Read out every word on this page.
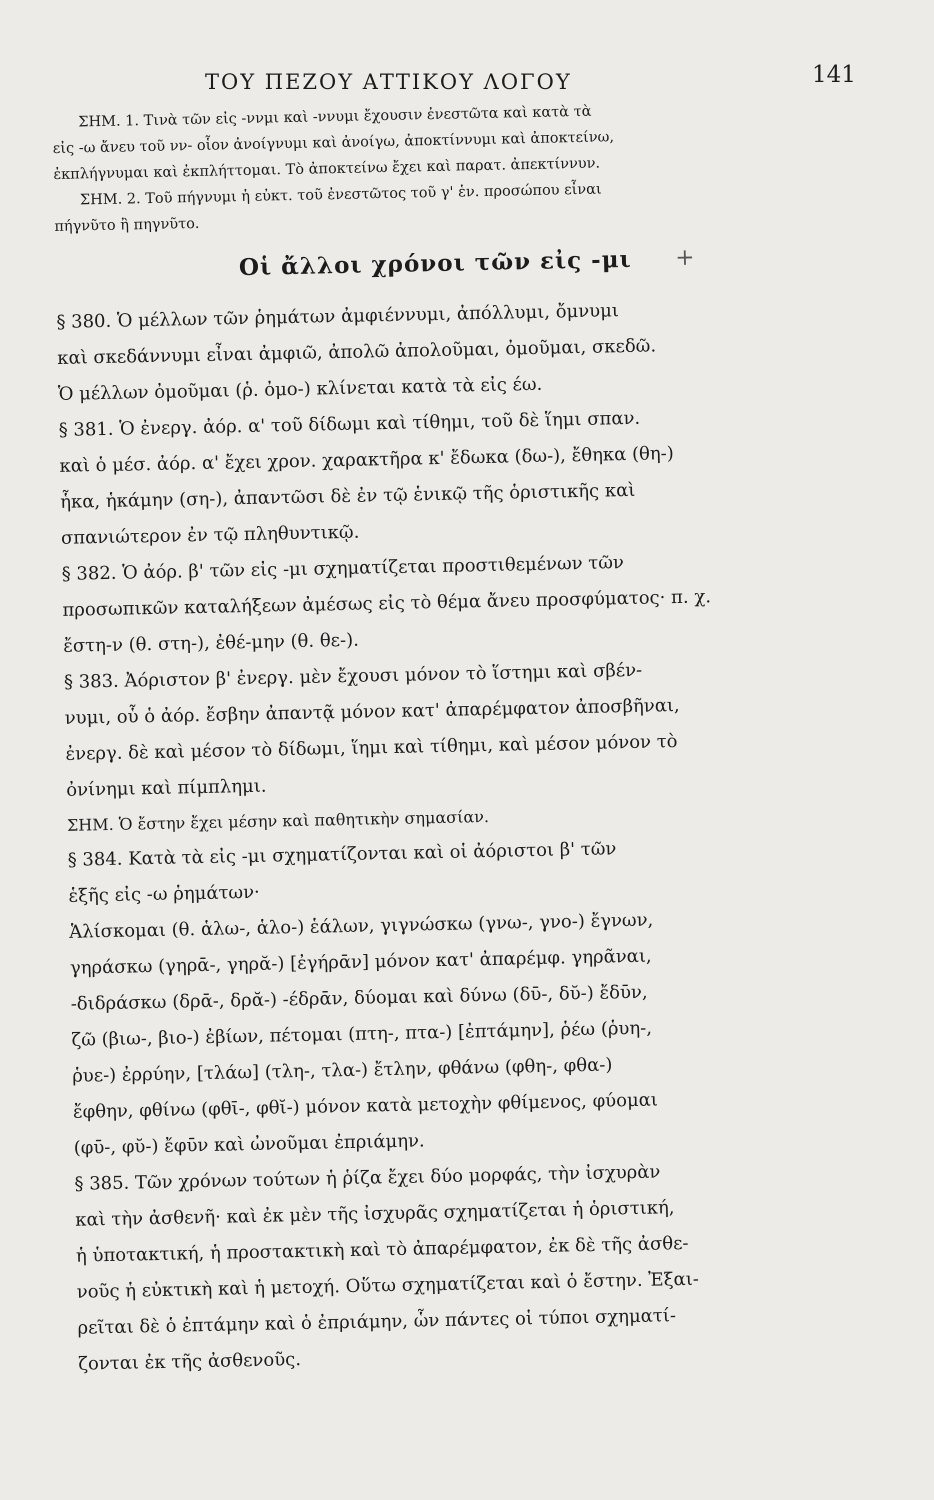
ΤΟΥ ΠΕΖΟΥ ΑΤΤΙΚΟΥ ΛΟΓΟΥ	141
ΣΗΜ. 1. Τινὰ τῶν εἰς -ννμι καὶ -ννυμι ἔχουσιν ἐνεστῶτα καὶ κατὰ τὰ
εἰς -ω ἄνευ τοῦ νν- οἷον ἀνοίγνυμι καὶ ἀνοίγω, ἀποκτίννυμι καὶ ἀποκτείνω,
ἐκπλήγνυμαι καὶ ἐκπλήττομαι. Τὸ ἀποκτείνω ἔχει καὶ παρατ. ἀπεκτίννυν.
ΣΗΜ. 2. Τοῦ πήγνυμι ἡ εὐκτ. τοῦ ἐνεστῶτος τοῦ γ' ἑν. προσώπου εἶναι
πήγνῦτο ἢ πηγνῦτο.
Οἱ ἄλλοι χρόνοι τῶν εἰς -μι +
§ 380. Ὁ μέλλων τῶν ῥημάτων ἀμφιέννυμι, ἀπόλλυμι, ὄμνυμι
καὶ σκεδάννυμι εἶναι ἀμφιῶ, ἀπολῶ ἀπολοῦμαι, ὀμοῦμαι, σκεδῶ.
Ὁ μέλλων ὀμοῦμαι (ῥ. ὀμο-) κλίνεται κατὰ τὰ εἰς έω.
§ 381. Ὁ ἐνεργ. ἀόρ. α' τοῦ δίδωμι καὶ τίθημι, τοῦ δὲ ἵημι σπαν.
καὶ ὁ μέσ. ἀόρ. α' ἔχει χρον. χαρακτῆρα κ' ἔδωκα (δω-), ἔθηκα (θη-)
ἧκα, ἡκάμην (ση-), ἀπαντῶσι δὲ ἐν τῷ ἑνικῷ τῆς ὁριστικῆς καὶ
σπανιώτερον ἐν τῷ πληθυντικῷ.
§ 382. Ὁ ἀόρ. β' τῶν εἰς -μι σχηματίζεται προστιθεμένων τῶν
προσωπικῶν καταλήξεων ἀμέσως εἰς τὸ θέμα ἄνευ προσφύματος· π. χ.
ἔστη-ν (θ. στη-), ἐθέ-μην (θ. θε-).
§ 383. Ἀόριστον β' ἐνεργ. μὲν ἔχουσι μόνον τὸ ἵστημι καὶ σβέν-
νυμι, οὗ ὁ ἀόρ. ἔσβην ἀπαντᾷ μόνον κατ' ἀπαρέμφατον ἀποσβῆναι,
ἐνεργ. δὲ καὶ μέσον τὸ δίδωμι, ἵημι καὶ τίθημι, καὶ μέσον μόνον τὸ
ὀνίνημι καὶ πίμπλημι.
ΣΗΜ. Ὁ ἔστην ἔχει μέσην καὶ παθητικὴν σημασίαν.
§ 384. Κατὰ τὰ εἰς -μι σχηματίζονται καὶ οἱ ἀόριστοι β' τῶν
ἑξῆς εἰς -ω ῥημάτων·
Ἁλίσκομαι (θ. ἁλω-, ἁλο-) ἑάλων, γιγνώσκω (γνω-, γνο-) ἔγνων,
γηράσκω (γηρᾱ-, γηρᾰ-) [ἐγήρᾱν] μόνον κατ' ἀπαρέμφ. γηρᾶναι,
-διδράσκω (δρᾱ-, δρᾰ-) -έδρᾱν, δύομαι καὶ δύνω (δῡ-, δῠ-) ἔδῡν,
ζῶ (βιω-, βιο-) ἐβίων, πέτομαι (πτη-, πτα-) [ἐπτάμην], ῥέω (ῥυη-,
ῥυε-) ἐρρύην, [τλάω] (τλη-, τλα-) ἔτλην, φθάνω (φθη-, φθα-)
ἔφθην, φθίνω (φθῑ-, φθῐ-) μόνον κατὰ μετοχὴν φθίμενος, φύομαι
(φῡ-, φῠ-) ἔφῡν καὶ ὠνοῦμαι ἐπριάμην.
§ 385. Τῶν χρόνων τούτων ἡ ῥίζα ἔχει δύο μορφάς, τὴν ἰσχυρὰν
καὶ τὴν ἀσθενῆ· καὶ ἐκ μὲν τῆς ἰσχυρᾶς σχηματίζεται ἡ ὁριστική,
ἡ ὑποτακτική, ἡ προστακτικὴ καὶ τὸ ἀπαρέμφατον, ἐκ δὲ τῆς ἀσθε-
νοῦς ἡ εὐκτικὴ καὶ ἡ μετοχή. Οὕτω σχηματίζεται καὶ ὁ ἔστην. Ἐξαι-
ρεῖται δὲ ὁ ἐπτάμην καὶ ὁ ἐπριάμην, ὧν πάντες οἱ τύποι σχηματί-
ζονται ἐκ τῆς ἀσθενοῦς.
